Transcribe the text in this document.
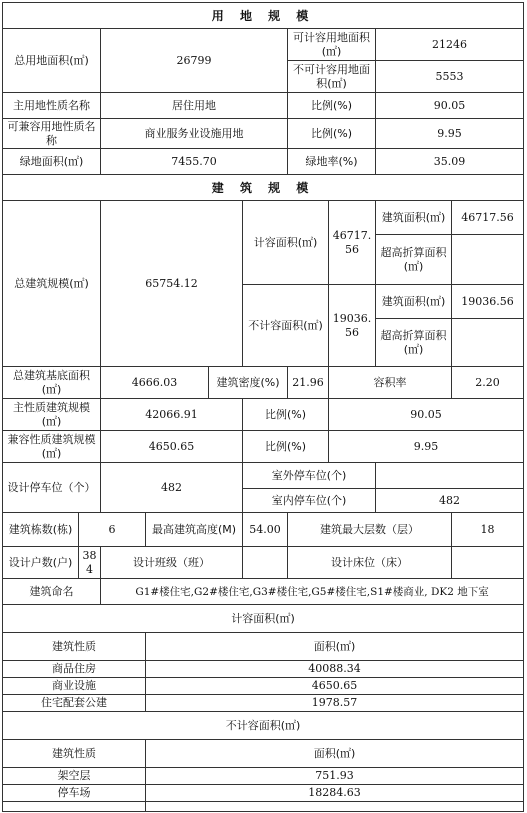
用 地 规 模									
总用地面积(㎡)		26799				可计容用地面积(㎡)		21246	
						不可计容用地面积(㎡)		5553	
主用地性质名称		居住用地				比例(%)		90.05	
可兼容用地性质名称		商业服务业设施用地				比例(%)		9.95	
绿地面积(㎡)		7455.70				绿地率(%)		35.09	
建 筑 规 模									
总建筑规模(㎡)		65754.12			计容面积(㎡)		46717.56	建筑面积(㎡)	46717.56
								超高折算面积(㎡)	
					不计容面积(㎡)		19036.56	建筑面积(㎡)	19036.56
								超高折算面积(㎡)	
总建筑基底面积(㎡)		4666.03		建筑密度(%)		21.96	容积率		2.20
主性质建筑规模(㎡)		42066.91			比例(%)		90.05		
兼容性质建筑规模(㎡)		4650.65			比例(%)		9.95		
设计停车位（个）		482			室外停车位(个)				
					室内停车位(个)			482	
建筑栋数(栋)	6		最高建筑高度(M)		54.00	建筑最大层数（层）			18
设计户数(户)	384	设计班级（班）				设计床位（床）			
建筑命名		G1#楼住宅,G2#楼住宅,G3#楼住宅,G5#楼住宅,S1#楼商业, DK2 地下室							
计容面积(㎡)									
建筑性质			面积(㎡)						
商品住房			40088.34						
商业设施			4650.65						
住宅配套公建			1978.57						
不计容面积(㎡)									
建筑性质			面积(㎡)						
架空层			751.93						
停车场			18284.63						
